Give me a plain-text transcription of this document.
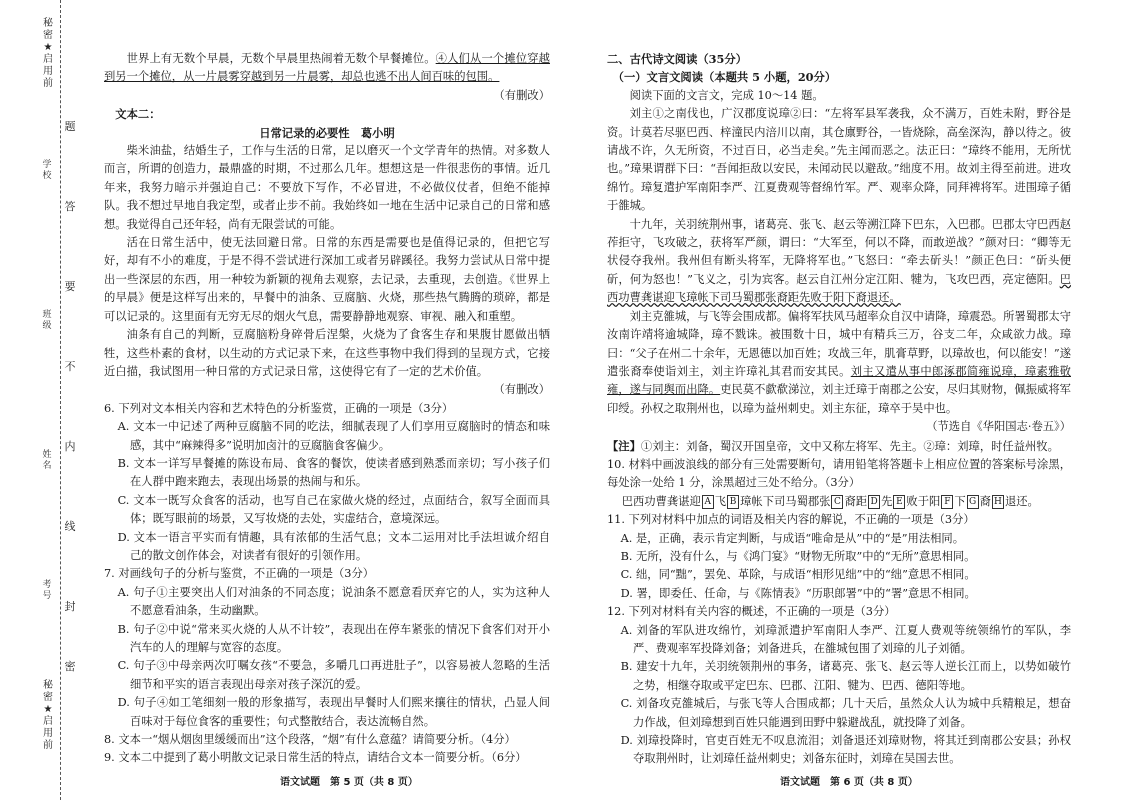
秘密★启用前
秘密★启用前
题
答
要
不
内
线
封
密
学校
班级
姓名
考号

世界上有无数个早晨，无数个早晨里热闹着无数个早餐摊位。④人们从一个摊位穿越到另一个摊位，从一片晨雾穿越到另一片晨雾，却总也逃不出人间百味的包围。

（有删改）

文本二：

日常记录的必要性　葛小明

柴米油盐，结婚生子，工作与生活的日常，足以磨灭一个文学青年的热情。对多数人而言，所谓的创造力，最鼎盛的时期，不过那么几年。想想这是一件很悲伤的事情。近几年来，我努力暗示并强迫自己：不要放下写作，不必冒进，不必做仪仗者，但绝不能掉队。我不想过早地自我定型，或者止步不前。我始终如一地在生活中记录自己的日常和感想。我觉得自己还年轻，尚有无限尝试的可能。

活在日常生活中，使无法回避日常。日常的东西是需要也是值得记录的，但把它写好，却有不小的难度，于是不得不尝试进行深加工或者另辟蹊径。我努力尝试从日常中提出一些深层的东西，用一种较为新颖的视角去观察，去记录，去重现，去创造。《世界上的早晨》便是这样写出来的，早餐中的油条、豆腐脑、火烧，那些热气腾腾的琐碎，都是可以记录的。这里面有无穷无尽的烟火气息，需要静静地观察、审视、融入和重塑。

油条有自己的判断，豆腐脑粉身碎骨后涅槃，火烧为了食客生存和果腹甘愿做出牺牲，这些朴素的食材，以生动的方式记录下来，在这些事物中我们得到的呈现方式，它接近白描，我试图用一种日常的方式记录日常，这使得它有了一定的艺术价值。

（有删改）

6. 下列对文本相关内容和艺术特色的分析鉴赏，正确的一项是（3分）

A. 文本一中记述了两种豆腐脑不同的吃法，细腻表现了人们享用豆腐脑时的情态和味感，其中“麻辣得多”说明加卤汁的豆腐脑食客偏少。

B. 文本一详写早餐摊的陈设布局、食客的餐饮，使读者感到熟悉而亲切；写小孩子们在人群中跑来跑去，表现出场景的热闹与和乐。

C. 文本一既写众食客的活动，也写自己在家做火烧的经过，点面结合，叙写全面而具体；既写眼前的场景，又写妆烧的去处，实虚结合，意境深远。

D. 文本一语言平实而有情趣，具有浓郁的生活气息；文本二运用对比手法坦诚介绍自己的散文创作体会，对读者有很好的引领作用。

7. 对画线句子的分析与鉴赏，不正确的一项是（3分）

A. 句子①主要突出人们对油条的不同态度；说油条不愿意看厌弃它的人，实为这种人不愿意看油条，生动幽默。

B. 句子②中说“常来买火烧的人从不计较”，表现出在停车紧张的情况下食客们对开小汽车的人的理解与宽容的态度。

C. 句子③中母亲两次叮嘱女孩“不要急，多嚼几口再进肚子”，以容易被人忽略的生活细节和平实的语言表现出母亲对孩子深沉的爱。

D. 句子④如工笔细刻一般的形象描写，表现出早餐时人们熙来攘往的情状，凸显人间百味对于每位食客的重要性；句式整散结合，表达流畅自然。

8. 文本一“烟从烟囱里缓缓而出”这个段落，“烟”有什么意蕴？请简要分析。（4分）

9. 文本二中提到了葛小明散文记录日常生活的特点，请结合文本一简要分析。（6分）

语文试题　第 5 页（共 8 页）

二、古代诗文阅读（35分）

（一）文言文阅读（本题共 5 小题，20分）

阅读下面的文言文，完成 10～14 题。

刘主①之南伐也，广汉郡度说璋②曰：“左将军县军袭我，众不满万，百姓未附，野谷是资。计莫若尽驱巴西、梓潼民内涪川以南，其仓廪野谷，一皆烧除，高垒深沟，静以待之。彼请战不许，久无所资，不过百日，必当走矣。”先主闻而恶之。法正曰：“璋终不能用，无所忧也。”璋果谓群下曰：“吾闻拒敌以安民，未闻动民以避敌。”绌度不用。故刘主得至前进。进攻绵竹。璋复遣护军南阳李严、江夏费观等督绵竹军。严、观率众降，同拜裨将军。进围璋子循于雒城。

十九年，关羽统荆州事，诸葛亮、张飞、赵云等溯江降下巴东，入巴郡。巴郡太守巴西赵莋拒守，飞攻破之，获将军严颜，谓曰：“大军至，何以不降，而敢逆战？”颜对曰：“卿等无状侵夺我州。我州但有断头将军，无降将军也。”飞怒曰：“牵去斫头！”颜正色曰：“斫头便斫，何为怒也！”飞义之，引为宾客。赵云自江州分定江阳、犍为，飞攻巴西，亮定德阳。巴西功曹龚谌迎飞璋帐下司马蜀郡张裔距先败于阳下裔退还。

刘主克雒城，与飞等会围成都。偏将军扶风马超率众自汉中请降，璋震恐。所署蜀郡太守汝南许靖将逾城降，璋不戮诛。被围数十日，城中有精兵三万，谷支二年，众咸欲力战。璋曰：“父子在州二十余年，无恩德以加百姓；攻战三年，肌膏草野，以璋故也，何以能安！”遂遣张裔奉使诣刘主，刘主许璋礼其君而安其民。刘主又遣从事中郎涿郡简雍说璋，璋素雅敬雍，遂与同舆而出降。吏民莫不歔欷涕泣，刘主迁璋于南郡之公安，尽归其财物，佩振威将军印绶。孙权之取荆州也，以璋为益州刺史。刘主东征，璋卒于吴中也。

（节选自《华阳国志·卷五》）

【注】①刘主：刘备，蜀汉开国皇帝，文中又称左将军、先主。②璋：刘璋，时任益州牧。

10. 材料中画波浪线的部分有三处需要断句，请用铅笔将答题卡上相应位置的答案标号涂黑，每处涂一处给 1 分，涂黑超过三处不给分。（3分）

巴西功曹龚谌迎 A 飞 B 璋帐下司马蜀郡张 C 裔距 D 先 E 败于阳 F 下 G 裔 H 退还。

11. 下列对材料中加点的词语及相关内容的解说，不正确的一项是（3分）

A. 是，正确，表示肯定判断，与成语“唯命是从”中的“是”用法相同。

B. 无所，没有什么，与《鸿门宴》“财物无所取”中的“无所”意思相同。

C. 绌，同“黜”，罢免、革除，与成语“相形见绌”中的“绌”意思不相同。

D. 署，即委任、任命，与《陈情表》“历职郎署”中的“署”意思不相同。

12. 下列对材料有关内容的概述，不正确的一项是（3分）

A. 刘备的军队进攻绵竹，刘璋派遣护军南阳人李严、江夏人费观等统领绵竹的军队，李严、费观率军投降刘备；刘备进兵，在雒城包围了刘璋的儿子刘循。

B. 建安十九年，关羽统领荆州的事务，诸葛亮、张飞、赵云等人逆长江而上，以势如破竹之势，相继夺取或平定巴东、巴郡、江阳、犍为、巴西、德阳等地。

C. 刘备攻克雒城后，与张飞等人合围成都；几十天后，虽然众人认为城中兵精粮足，想奋力作战，但刘璋想到百姓只能遇到田野中躲避战乱，就投降了刘备。

D. 刘璋投降时，官吏百姓无不叹息流泪；刘备退还刘璋财物，将其迁到南郡公安县；孙权夺取荆州时，让刘璋任益州刺史；刘备东征时，刘璋在吴国去世。

语文试题　第 6 页（共 8 页）
